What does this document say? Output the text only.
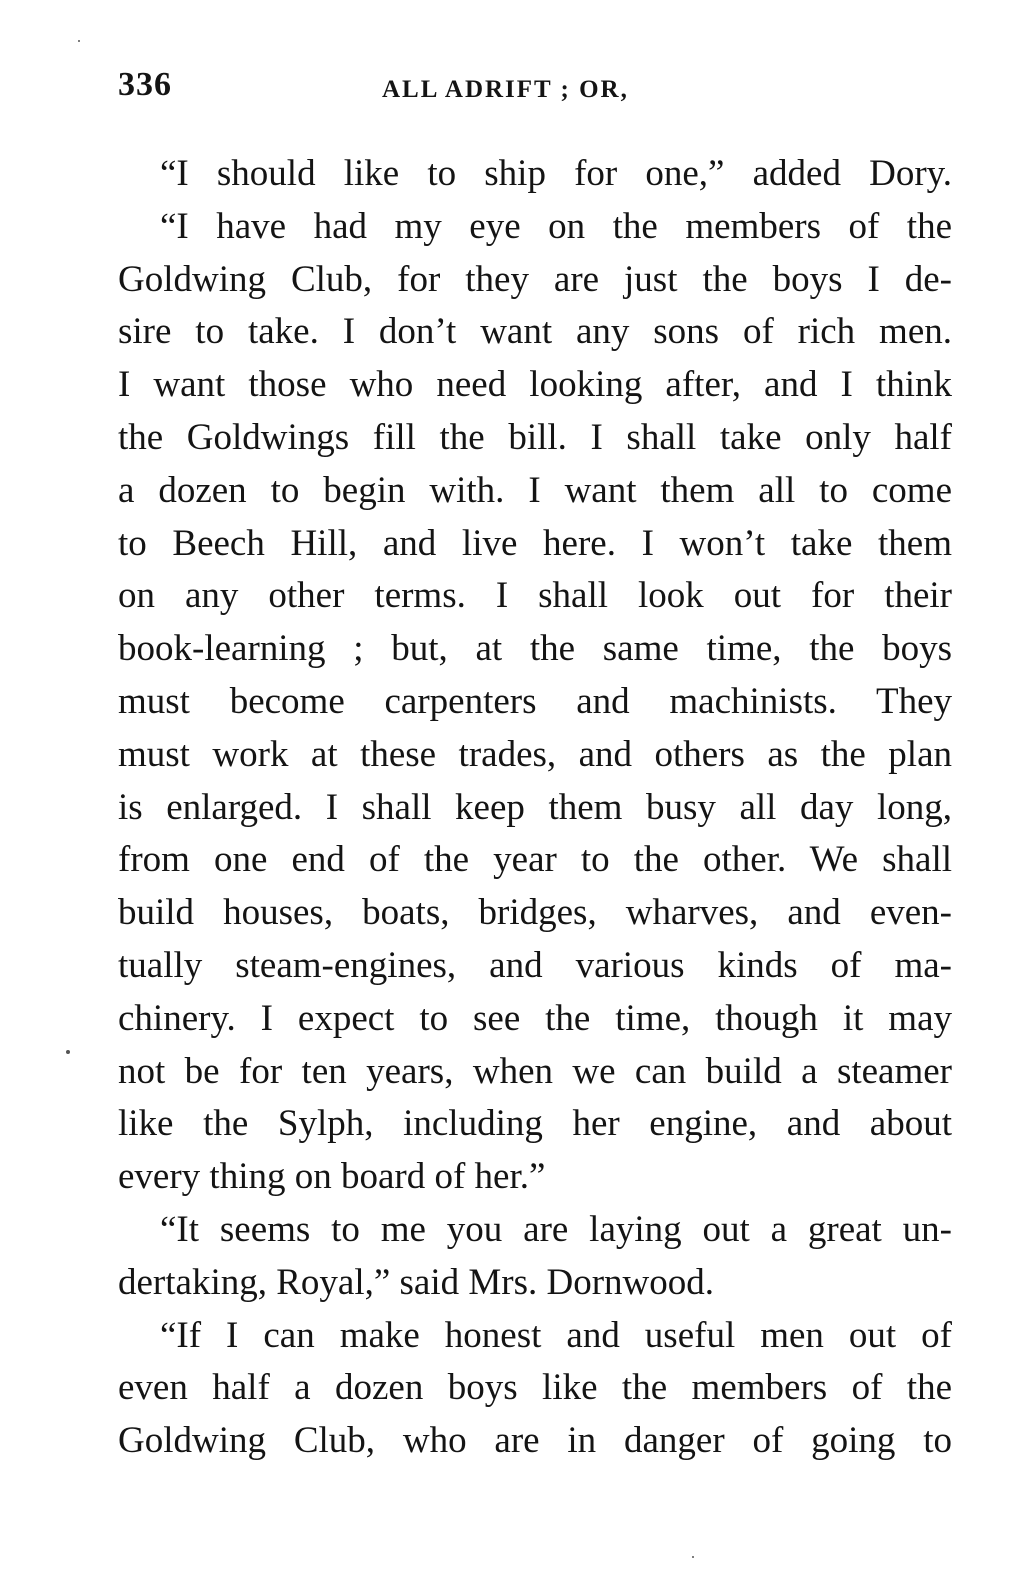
336	ALL ADRIFT ; OR,
“I should like to ship for one,” added Dory.
“I have had my eye on the members of the
Goldwing Club, for they are just the boys I de-
sire to take. I don’t want any sons of rich men.
I want those who need looking after, and I think
the Goldwings fill the bill. I shall take only half
a dozen to begin with. I want them all to come
to Beech Hill, and live here. I won’t take them
on any other terms. I shall look out for their
book-learning ; but, at the same time, the boys
must become carpenters and machinists. They
must work at these trades, and others as the plan
is enlarged. I shall keep them busy all day long,
from one end of the year to the other. We shall
build houses, boats, bridges, wharves, and even-
tually steam-engines, and various kinds of ma-
chinery. I expect to see the time, though it may
not be for ten years, when we can build a steamer
like the Sylph, including her engine, and about
every thing on board of her.”
“It seems to me you are laying out a great un-
dertaking, Royal,” said Mrs. Dornwood.
“If I can make honest and useful men out of
even half a dozen boys like the members of the
Goldwing Club, who are in danger of going to
